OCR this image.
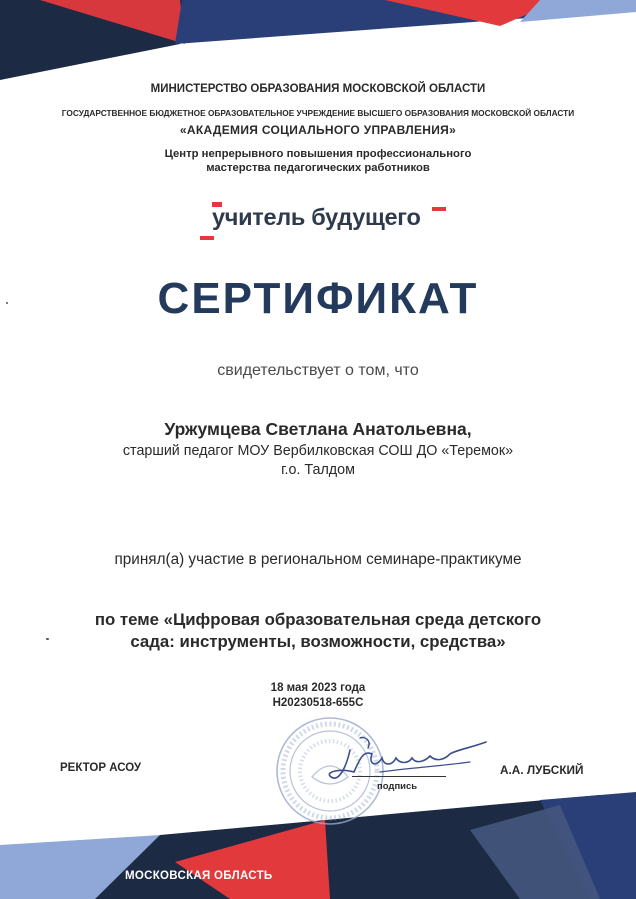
МИНИСТЕРСТВО ОБРАЗОВАНИЯ МОСКОВСКОЙ ОБЛАСТИ
ГОСУДАРСТВЕННОЕ БЮДЖЕТНОЕ ОБРАЗОВАТЕЛЬНОЕ УЧРЕЖДЕНИЕ ВЫСШЕГО ОБРАЗОВАНИЯ МОСКОВСКОЙ ОБЛАСТИ
«АКАДЕМИЯ СОЦИАЛЬНОГО УПРАВЛЕНИЯ»
Центр непрерывного повышения профессионального
мастерства педагогических работников
учитель будущего
СЕРТИФИКАТ
свидетельствует о том, что
Уржумцева Светлана Анатольевна,
старший педагог МОУ Вербилковская СОШ ДО «Теремок»
г.о. Талдом
принял(а) участие в региональном семинаре-практикуме
по теме «Цифровая образовательная среда детского
сада: инструменты, возможности, средства»
18 мая 2023 года
Н20230518-655С
РЕКТОР АСОУ
подпись
А.А. ЛУБСКИЙ
МОСКОВСКАЯ ОБЛАСТЬ
